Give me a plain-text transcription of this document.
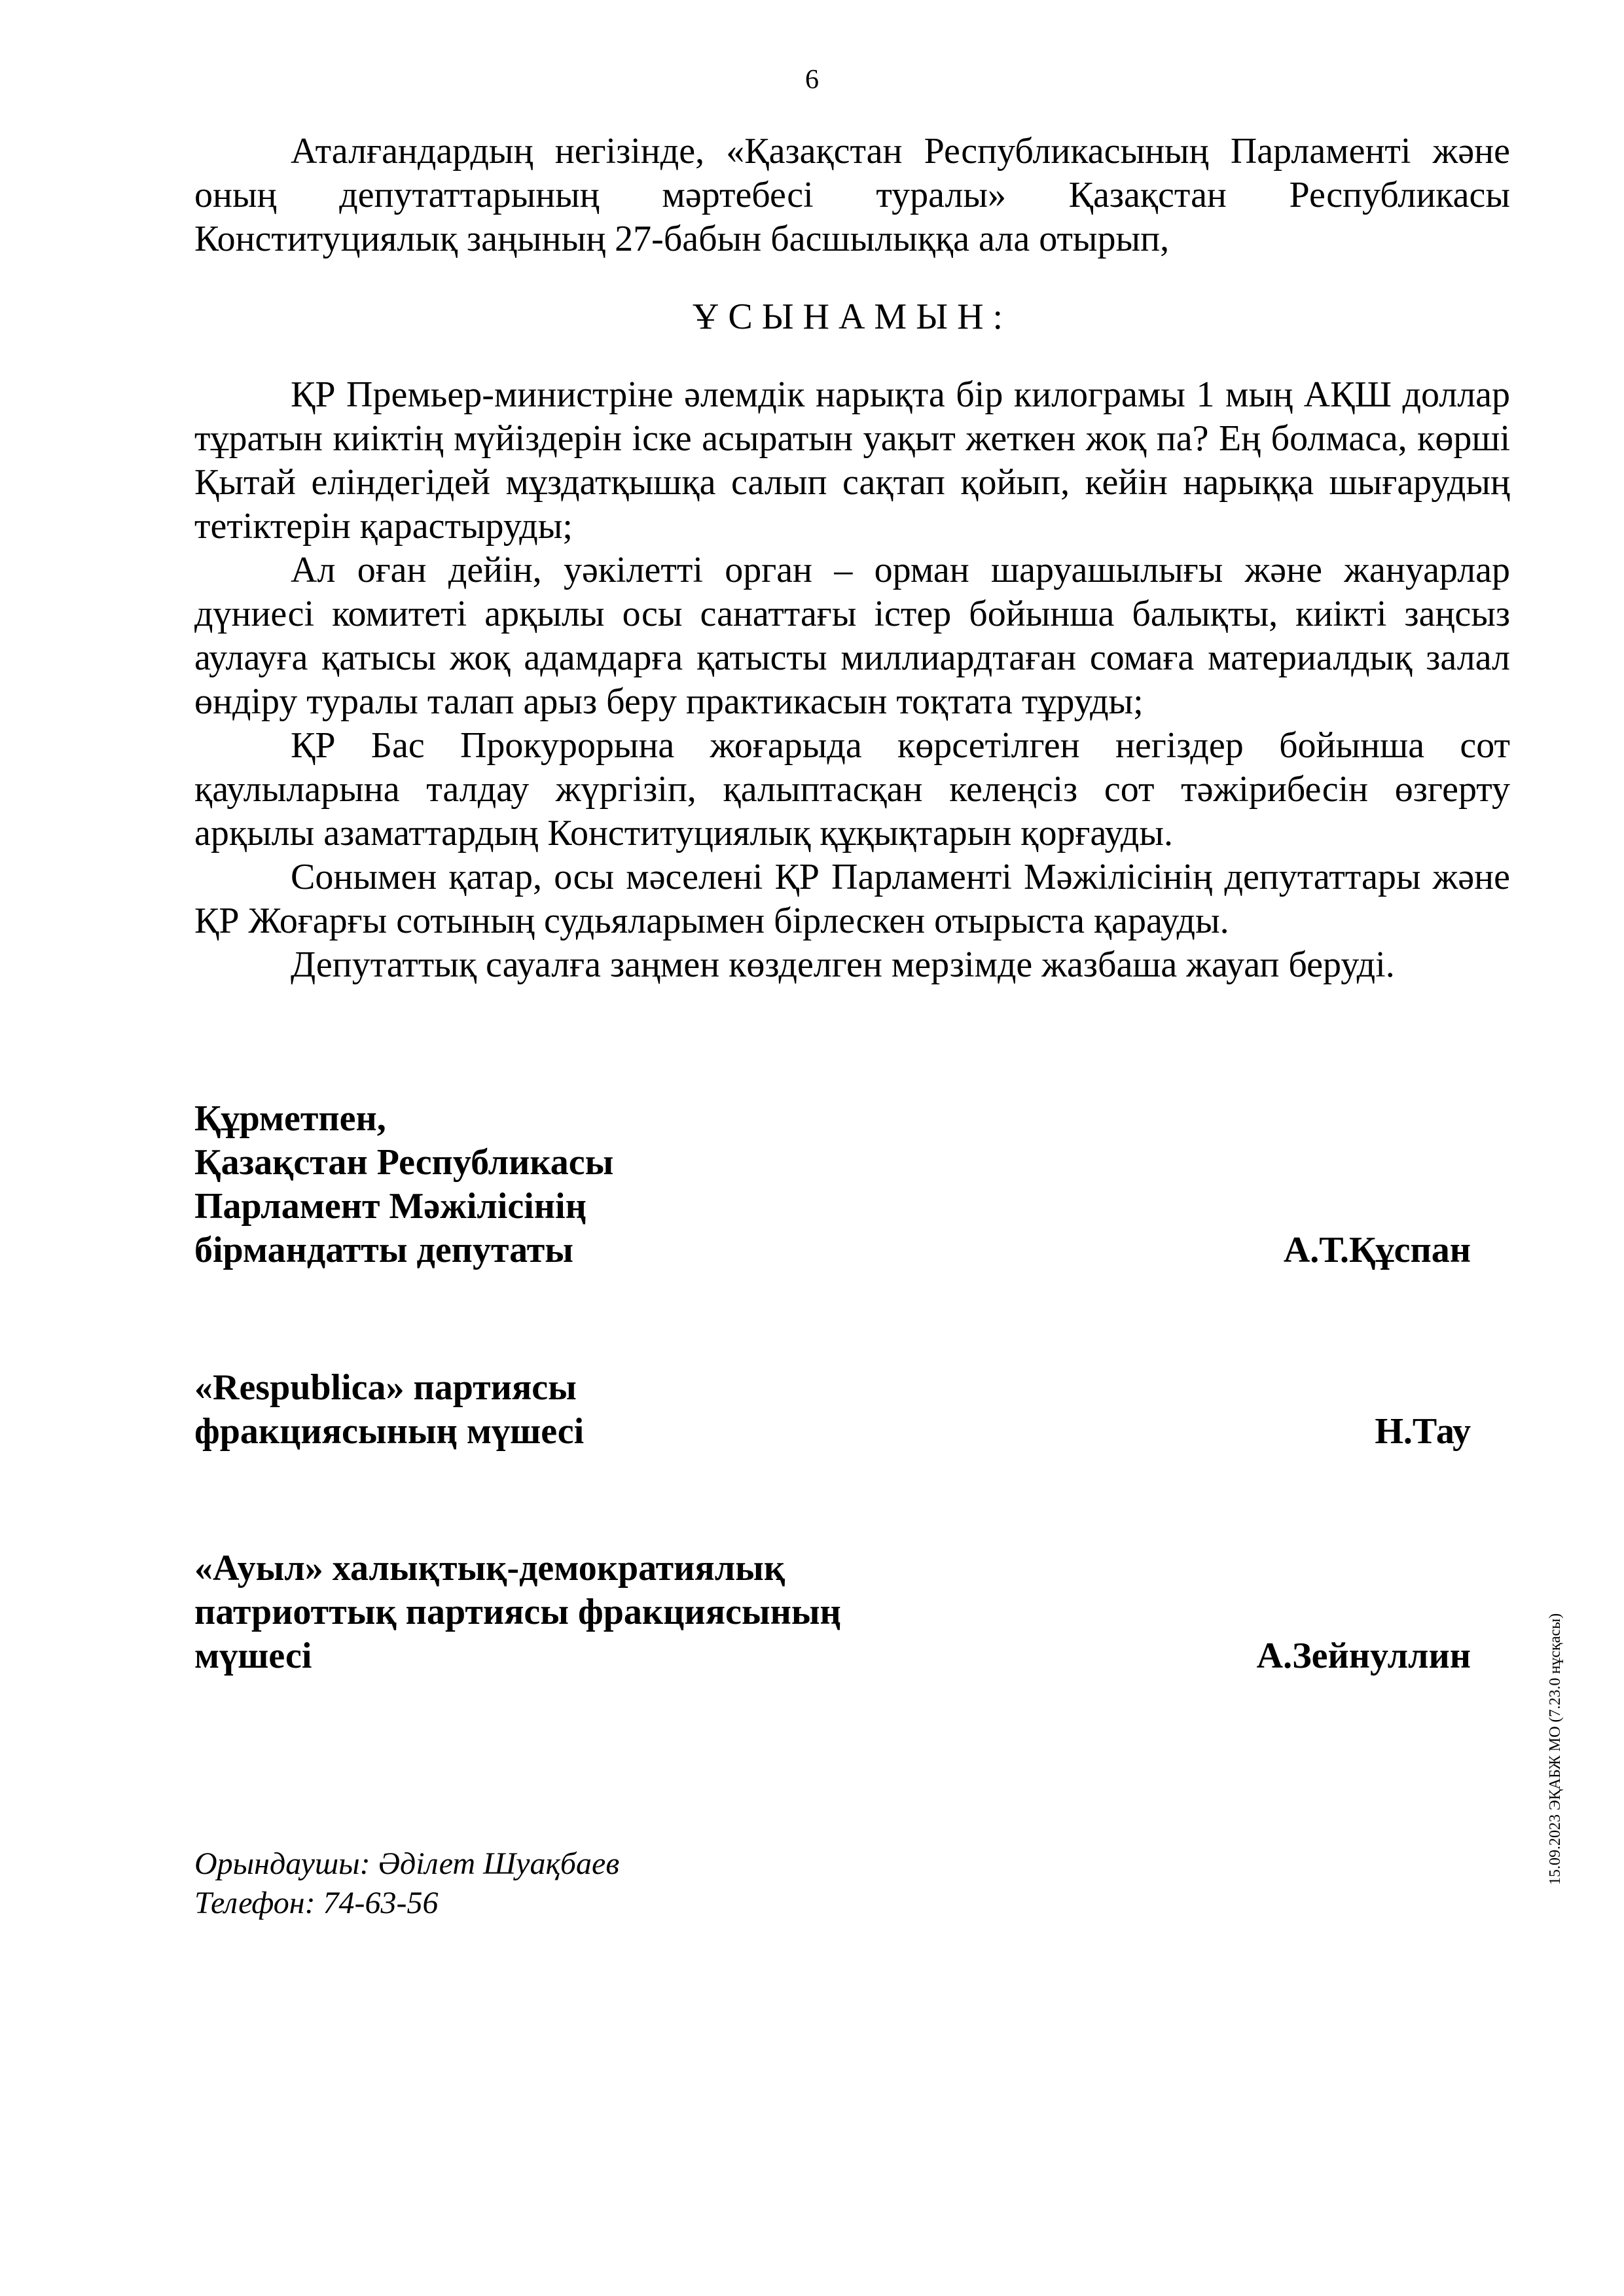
6

Аталғандардың негізінде, «Қазақстан Республикасының Парламенті және оның депутаттарының мәртебесі туралы» Қазақстан Республикасы Конституциялық заңының 27-бабын басшылыққа ала отырып,

ҰСЫНАМЫН:

ҚР Премьер-министріне әлемдік нарықта бір килограмы 1 мың АҚШ доллар тұратын киіктің мүйіздерін іске асыратын уақыт жеткен жоқ па? Ең болмаса, көрші Қытай еліндегідей мұздатқышқа салып сақтап қойып, кейін нарыққа шығарудың тетіктерін қарастыруды;

Ал оған дейін, уәкілетті орган – орман шаруашылығы және жануарлар дүниесі комитеті арқылы осы санаттағы істер бойынша балықты, киікті заңсыз аулауға қатысы жоқ адамдарға қатысты миллиардтаған сомаға материалдық залал өндіру туралы талап арыз беру практикасын тоқтата тұруды;

ҚР Бас Прокурорына жоғарыда көрсетілген негіздер бойынша сот қаулыларына талдау жүргізіп, қалыптасқан келеңсіз сот тәжірибесін өзгерту арқылы азаматтардың Конституциялық құқықтарын қорғауды.

Сонымен қатар, осы мәселені ҚР Парламенті Мәжілісінің депутаттары және ҚР Жоғарғы сотының судьяларымен бірлескен отырыста қарауды.

Депутаттық сауалға заңмен көзделген мерзімде жазбаша жауап беруді.

Құрметпен,
Қазақстан Республикасы
Парламент Мәжілісінің
бірмандатты депутаты	А.Т.Құспан
«Respublica» партиясы
фракциясының мүшесі	Н.Тау
«Ауыл» халықтық-демократиялық
патриоттық партиясы фракциясының
мүшесі	А.Зейнуллин
Орындаушы: Әділет Шуақбаев
Телефон: 74-63-56
15.09.2023 ЭҚАБЖ МО (7.23.0 нұсқасы)
